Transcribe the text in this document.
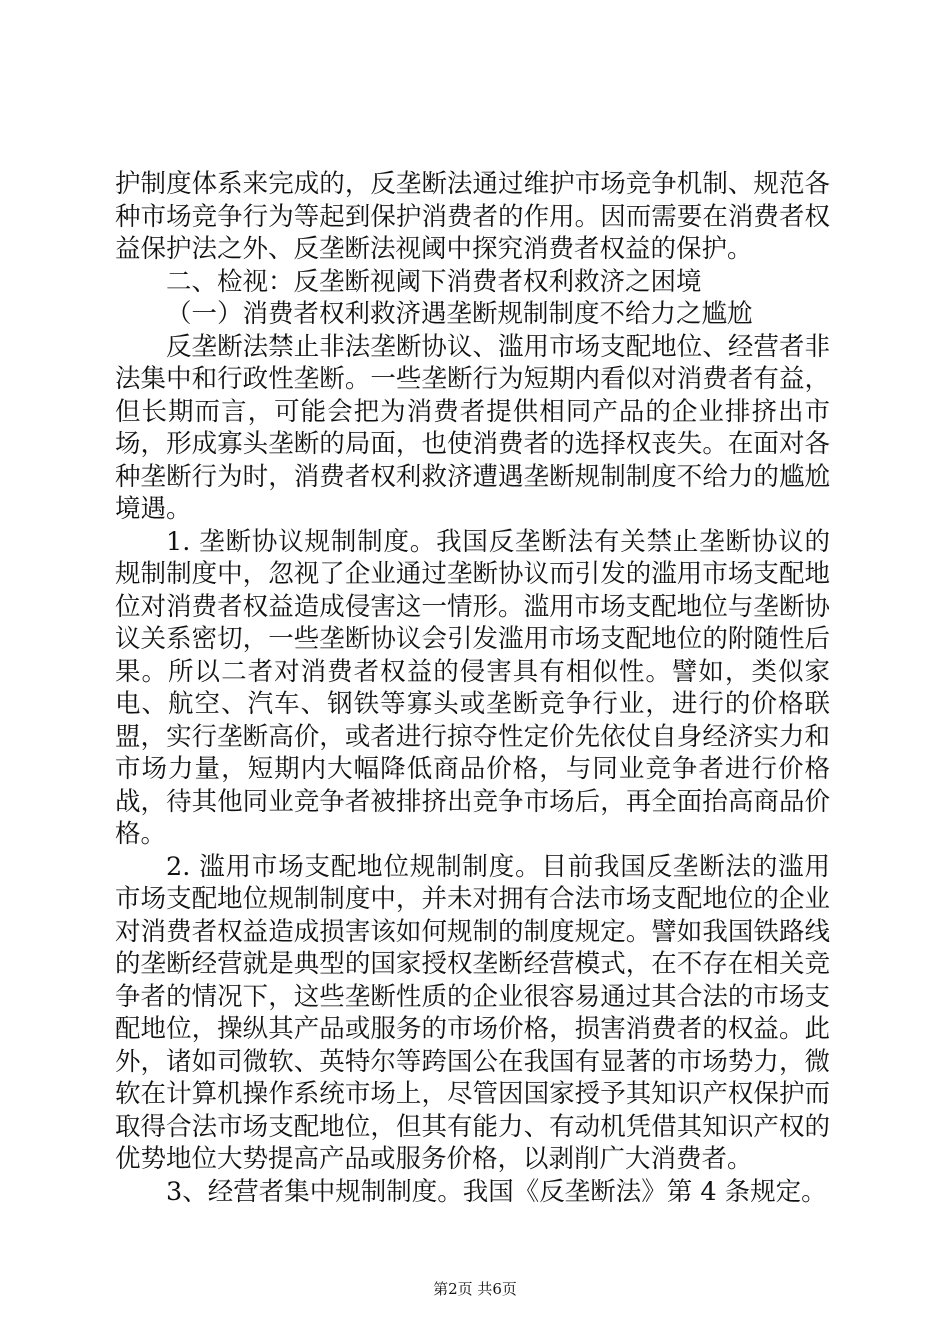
护制度体系来完成的，反垄断法通过维护市场竞争机制、规范各种市场竞争行为等起到保护消费者的作用。因而需要在消费者权益保护法之外、反垄断法视阈中探究消费者权益的保护。

二、检视：反垄断视阈下消费者权利救济之困境

（一）消费者权利救济遇垄断规制制度不给力之尴尬

反垄断法禁止非法垄断协议、滥用市场支配地位、经营者非法集中和行政性垄断。一些垄断行为短期内看似对消费者有益，但长期而言，可能会把为消费者提供相同产品的企业排挤出市场，形成寡头垄断的局面，也使消费者的选择权丧失。在面对各种垄断行为时，消费者权利救济遭遇垄断规制制度不给力的尴尬境遇。

1. 垄断协议规制制度。我国反垄断法有关禁止垄断协议的规制制度中，忽视了企业通过垄断协议而引发的滥用市场支配地位对消费者权益造成侵害这一情形。滥用市场支配地位与垄断协议关系密切，一些垄断协议会引发滥用市场支配地位的附随性后果。所以二者对消费者权益的侵害具有相似性。譬如，类似家电、航空、汽车、钢铁等寡头或垄断竞争行业，进行的价格联盟，实行垄断高价，或者进行掠夺性定价先依仗自身经济实力和市场力量，短期内大幅降低商品价格，与同业竞争者进行价格战，待其他同业竞争者被排挤出竞争市场后，再全面抬高商品价格。

2. 滥用市场支配地位规制制度。目前我国反垄断法的滥用市场支配地位规制制度中，并未对拥有合法市场支配地位的企业对消费者权益造成损害该如何规制的制度规定。譬如我国铁路线的垄断经营就是典型的国家授权垄断经营模式，在不存在相关竞争者的情况下，这些垄断性质的企业很容易通过其合法的市场支配地位，操纵其产品或服务的市场价格，损害消费者的权益。此外，诸如司微软、英特尔等跨国公在我国有显著的市场势力，微软在计算机操作系统市场上，尽管因国家授予其知识产权保护而取得合法市场支配地位，但其有能力、有动机凭借其知识产权的优势地位大势提高产品或服务价格，以剥削广大消费者。

3、经营者集中规制制度。我国《反垄断法》第 4 条规定。

第2页 共6页
